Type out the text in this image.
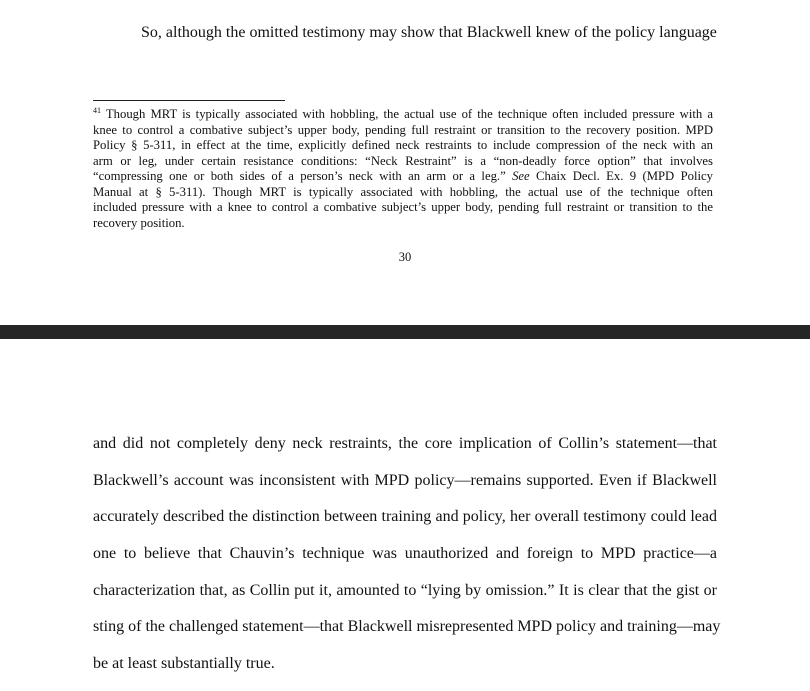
So, although the omitted testimony may show that Blackwell knew of the policy language
$^{41}$ Though MRT is typically associated with hobbling, the actual use of the technique often included pressure with a
knee to control a combative subject’s upper body, pending full restraint or transition to the recovery position. MPD
Policy § 5-311, in effect at the time, explicitly defined neck restraints to include compression of the neck with an
arm or leg, under certain resistance conditions: “Neck Restraint” is a “non-deadly force option” that involves
“compressing one or both sides of a person’s neck with an arm or a leg.” See Chaix Decl. Ex. 9 (MPD Policy
Manual at § 5-311). Though MRT is typically associated with hobbling, the actual use of the technique often
included pressure with a knee to control a combative subject’s upper body, pending full restraint or transition to the
recovery position.
30
and did not completely deny neck restraints, the core implication of Collin’s statement—that
Blackwell’s account was inconsistent with MPD policy—remains supported. Even if Blackwell
accurately described the distinction between training and policy, her overall testimony could lead
one to believe that Chauvin’s technique was unauthorized and foreign to MPD practice—a
characterization that, as Collin put it, amounted to “lying by omission.” It is clear that the gist or
sting of the challenged statement—that Blackwell misrepresented MPD policy and training—may
be at least substantially true.
